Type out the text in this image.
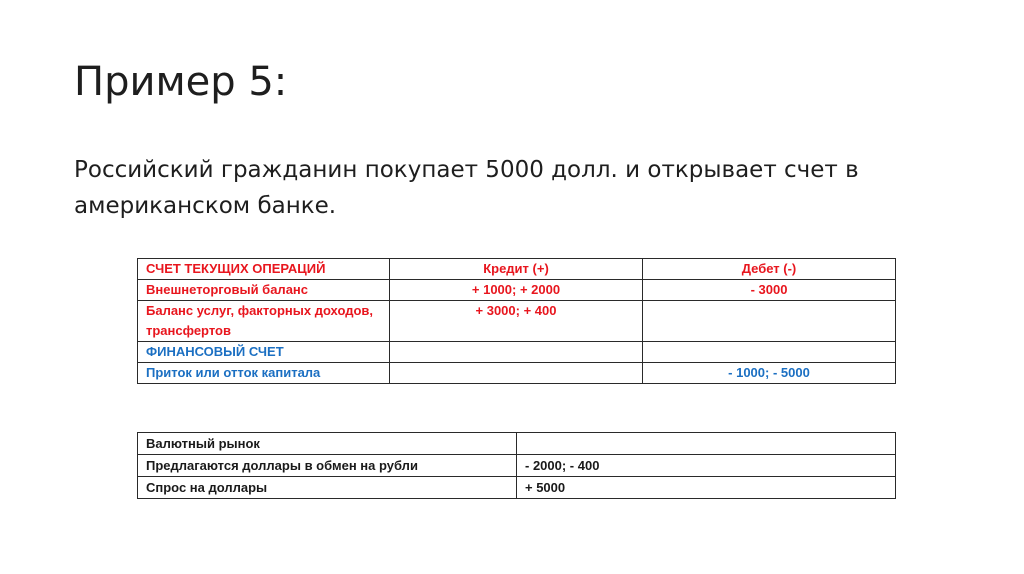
Пример 5:

Российский гражданин покупает 5000 долл. и открывает счет в американском банке.

СЧЕТ ТЕКУЩИХ ОПЕРАЦИЙ	Кредит (+)	Дебет (-)
Внешнеторговый баланс	+ 1000; + 2000	- 3000
Баланс услуг, факторных доходов, трансфертов	+ 3000; + 400	
ФИНАНСОВЫЙ СЧЕТ		
Приток или отток капитала		- 1000; - 5000
Валютный рынок	
Предлагаются доллары в обмен на рубли	- 2000; - 400
Спрос на доллары	+ 5000
